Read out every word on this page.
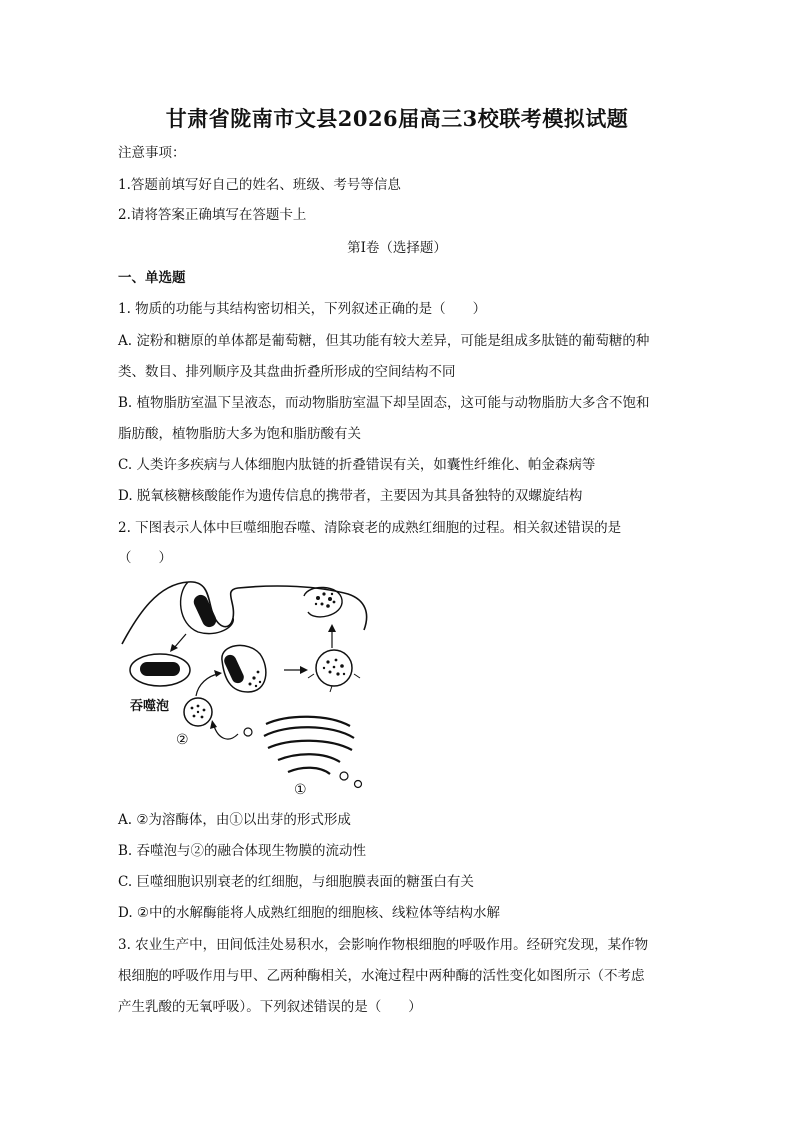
甘肃省陇南市文县2026届高三3校联考模拟试题
注意事项：
1.答题前填写好自己的姓名、班级、考号等信息
2.请将答案正确填写在答题卡上
第I卷（选择题）
一、单选题
1. 物质的功能与其结构密切相关，下列叙述正确的是（　　）
A. 淀粉和糖原的单体都是葡萄糖，但其功能有较大差异，可能是组成多肽链的葡萄糖的种
类、数目、排列顺序及其盘曲折叠所形成的空间结构不同
B. 植物脂肪室温下呈液态，而动物脂肪室温下却呈固态，这可能与动物脂肪大多含不饱和
脂肪酸，植物脂肪大多为饱和脂肪酸有关
C. 人类许多疾病与人体细胞内肽链的折叠错误有关，如囊性纤维化、帕金森病等
D. 脱氧核糖核酸能作为遗传信息的携带者，主要因为其具备独特的双螺旋结构
2. 下图表示人体中巨噬细胞吞噬、清除衰老的成熟红细胞的过程。相关叙述错误的是
（　　）
吞噬泡
②
①
A. ②为溶酶体，由①以出芽的形式形成
B. 吞噬泡与②的融合体现生物膜的流动性
C. 巨噬细胞识别衰老的红细胞，与细胞膜表面的糖蛋白有关
D. ②中的水解酶能将人成熟红细胞的细胞核、线粒体等结构水解
3. 农业生产中，田间低洼处易积水，会影响作物根细胞的呼吸作用。经研究发现，某作物
根细胞的呼吸作用与甲、乙两种酶相关，水淹过程中两种酶的活性变化如图所示（不考虑
产生乳酸的无氧呼吸）。下列叙述错误的是（　　）
